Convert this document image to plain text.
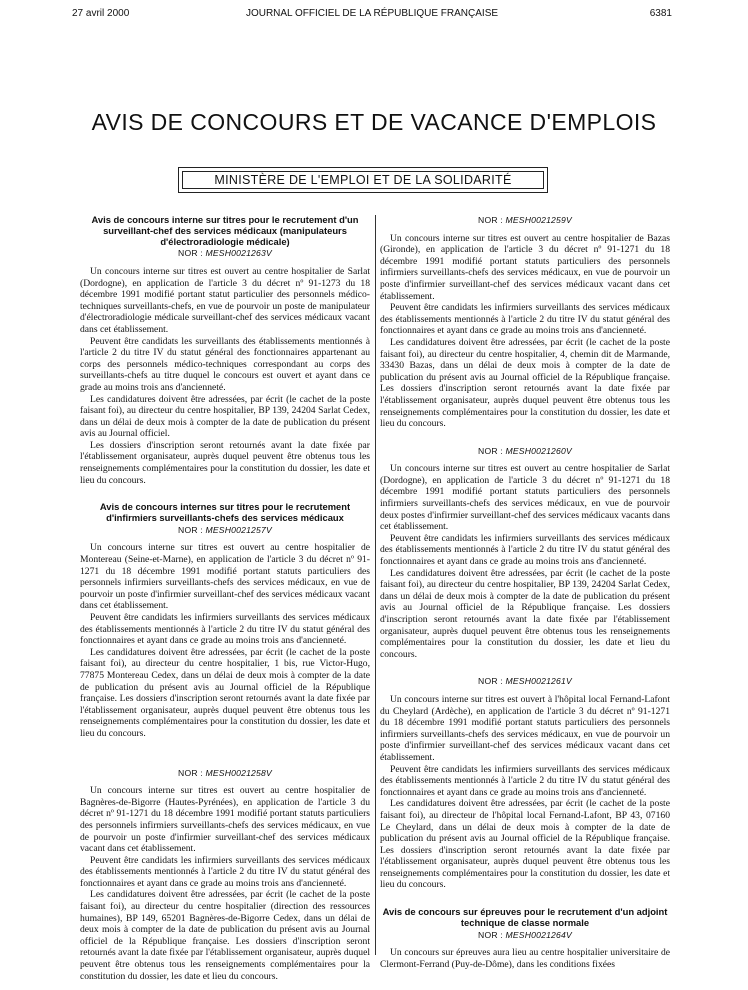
27 avril 2000	JOURNAL OFFICIEL DE LA RÉPUBLIQUE FRANÇAISE	6381
AVIS DE CONCOURS ET DE VACANCE D'EMPLOIS
MINISTÈRE DE L'EMPLOI ET DE LA SOLIDARITÉ
Avis de concours interne sur titres pour le recrutement d'un surveillant-chef des services médicaux (manipulateurs d'électroradiologie médicale)
NOR : MESH0021263V

Un concours interne sur titres est ouvert au centre hospitalier de Sarlat (Dordogne), en application de l'article 3 du décret nº 91-1273 du 18 décembre 1991 modifié portant statut particulier des personnels médico-techniques surveillants-chefs, en vue de pourvoir un poste de manipulateur d'électroradiologie médicale surveillant-chef des services médicaux vacant dans cet établissement.

Peuvent être candidats les surveillants des établissements mentionnés à l'article 2 du titre IV du statut général des fonctionnaires appartenant au corps des personnels médico-techniques correspondant au corps des surveillants-chefs au titre duquel le concours est ouvert et ayant dans ce grade au moins trois ans d'ancienneté.

Les candidatures doivent être adressées, par écrit (le cachet de la poste faisant foi), au directeur du centre hospitalier, BP 139, 24204 Sarlat Cedex, dans un délai de deux mois à compter de la date de publication du présent avis au Journal officiel.

Les dossiers d'inscription seront retournés avant la date fixée par l'établissement organisateur, auprès duquel peuvent être obtenus tous les renseignements complémentaires pour la constitution du dossier, les date et lieu du concours.

Avis de concours internes sur titres pour le recrutement d'infirmiers surveillants-chefs des services médicaux
NOR : MESH0021257V

Un concours interne sur titres est ouvert au centre hospitalier de Montereau (Seine-et-Marne), en application de l'article 3 du décret nº 91-1271 du 18 décembre 1991 modifié portant statuts particuliers des personnels infirmiers surveillants-chefs des services médicaux, en vue de pourvoir un poste d'infirmier surveillant-chef des services médicaux vacant dans cet établissement.

Peuvent être candidats les infirmiers surveillants des services médicaux des établissements mentionnés à l'article 2 du titre IV du statut général des fonctionnaires et ayant dans ce grade au moins trois ans d'ancienneté.

Les candidatures doivent être adressées, par écrit (le cachet de la poste faisant foi), au directeur du centre hospitalier, 1 bis, rue Victor-Hugo, 77875 Montereau Cedex, dans un délai de deux mois à compter de la date de publication du présent avis au Journal officiel de la République française. Les dossiers d'inscription seront retournés avant la date fixée par l'établissement organisateur, auprès duquel peuvent être obtenus tous les renseignements complémentaires pour la constitution du dossier, les date et lieu du concours.

NOR : MESH0021258V

Un concours interne sur titres est ouvert au centre hospitalier de Bagnères-de-Bigorre (Hautes-Pyrénées), en application de l'article 3 du décret nº 91-1271 du 18 décembre 1991 modifié portant statuts particuliers des personnels infirmiers surveillants-chefs des services médicaux, en vue de pourvoir un poste d'infirmier surveillant-chef des services médicaux vacant dans cet établissement.

Peuvent être candidats les infirmiers surveillants des services médicaux des établissements mentionnés à l'article 2 du titre IV du statut général des fonctionnaires et ayant dans ce grade au moins trois ans d'ancienneté.

Les candidatures doivent être adressées, par écrit (le cachet de la poste faisant foi), au directeur du centre hospitalier (direction des ressources humaines), BP 149, 65201 Bagnères-de-Bigorre Cedex, dans un délai de deux mois à compter de la date de publication du présent avis au Journal officiel de la République française. Les dossiers d'inscription seront retournés avant la date fixée par l'établissement organisateur, auprès duquel peuvent être obtenus tous les renseignements complémentaires pour la constitution du dossier, les date et lieu du concours.

NOR : MESH0021259V

Un concours interne sur titres est ouvert au centre hospitalier de Bazas (Gironde), en application de l'article 3 du décret nº 91-1271 du 18 décembre 1991 modifié portant statuts particuliers des personnels infirmiers surveillants-chefs des services médicaux, en vue de pourvoir un poste d'infirmier surveillant-chef des services médicaux vacant dans cet établissement.

Peuvent être candidats les infirmiers surveillants des services médicaux des établissements mentionnés à l'article 2 du titre IV du statut général des fonctionnaires et ayant dans ce grade au moins trois ans d'ancienneté.

Les candidatures doivent être adressées, par écrit (le cachet de la poste faisant foi), au directeur du centre hospitalier, 4, chemin dit de Marmande, 33430 Bazas, dans un délai de deux mois à compter de la date de publication du présent avis au Journal officiel de la République française. Les dossiers d'inscription seront retournés avant la date fixée par l'établissement organisateur, auprès duquel peuvent être obtenus tous les renseignements complémentaires pour la constitution du dossier, les date et lieu du concours.

NOR : MESH0021260V

Un concours interne sur titres est ouvert au centre hospitalier de Sarlat (Dordogne), en application de l'article 3 du décret nº 91-1271 du 18 décembre 1991 modifié portant statuts particuliers des personnels infirmiers surveillants-chefs des services médicaux, en vue de pourvoir deux postes d'infirmier surveillant-chef des services médicaux vacants dans cet établissement.

Peuvent être candidats les infirmiers surveillants des services médicaux des établissements mentionnés à l'article 2 du titre IV du statut général des fonctionnaires et ayant dans ce grade au moins trois ans d'ancienneté.

Les candidatures doivent être adressées, par écrit (le cachet de la poste faisant foi), au directeur du centre hospitalier, BP 139, 24204 Sarlat Cedex, dans un délai de deux mois à compter de la date de publication du présent avis au Journal officiel de la République française. Les dossiers d'inscription seront retournés avant la date fixée par l'établissement organisateur, auprès duquel peuvent être obtenus tous les renseignements complémentaires pour la constitution du dossier, les date et lieu du concours.

NOR : MESH0021261V

Un concours interne sur titres est ouvert à l'hôpital local Fernand-Lafont du Cheylard (Ardèche), en application de l'article 3 du décret nº 91-1271 du 18 décembre 1991 modifié portant statuts particuliers des personnels infirmiers surveillants-chefs des services médicaux, en vue de pourvoir un poste d'infirmier surveillant-chef des services médicaux vacant dans cet établissement.

Peuvent être candidats les infirmiers surveillants des services médicaux des établissements mentionnés à l'article 2 du titre IV du statut général des fonctionnaires et ayant dans ce grade au moins trois ans d'ancienneté.

Les candidatures doivent être adressées, par écrit (le cachet de la poste faisant foi), au directeur de l'hôpital local Fernand-Lafont, BP 43, 07160 Le Cheylard, dans un délai de deux mois à compter de la date de publication du présent avis au Journal officiel de la République française. Les dossiers d'inscription seront retournés avant la date fixée par l'établissement organisateur, auprès duquel peuvent être obtenus tous les renseignements complémentaires pour la constitution du dossier, les date et lieu du concours.

Avis de concours sur épreuves pour le recrutement d'un adjoint technique de classe normale
NOR : MESH0021264V

Un concours sur épreuves aura lieu au centre hospitalier universitaire de Clermont-Ferrand (Puy-de-Dôme), dans les conditions fixées
